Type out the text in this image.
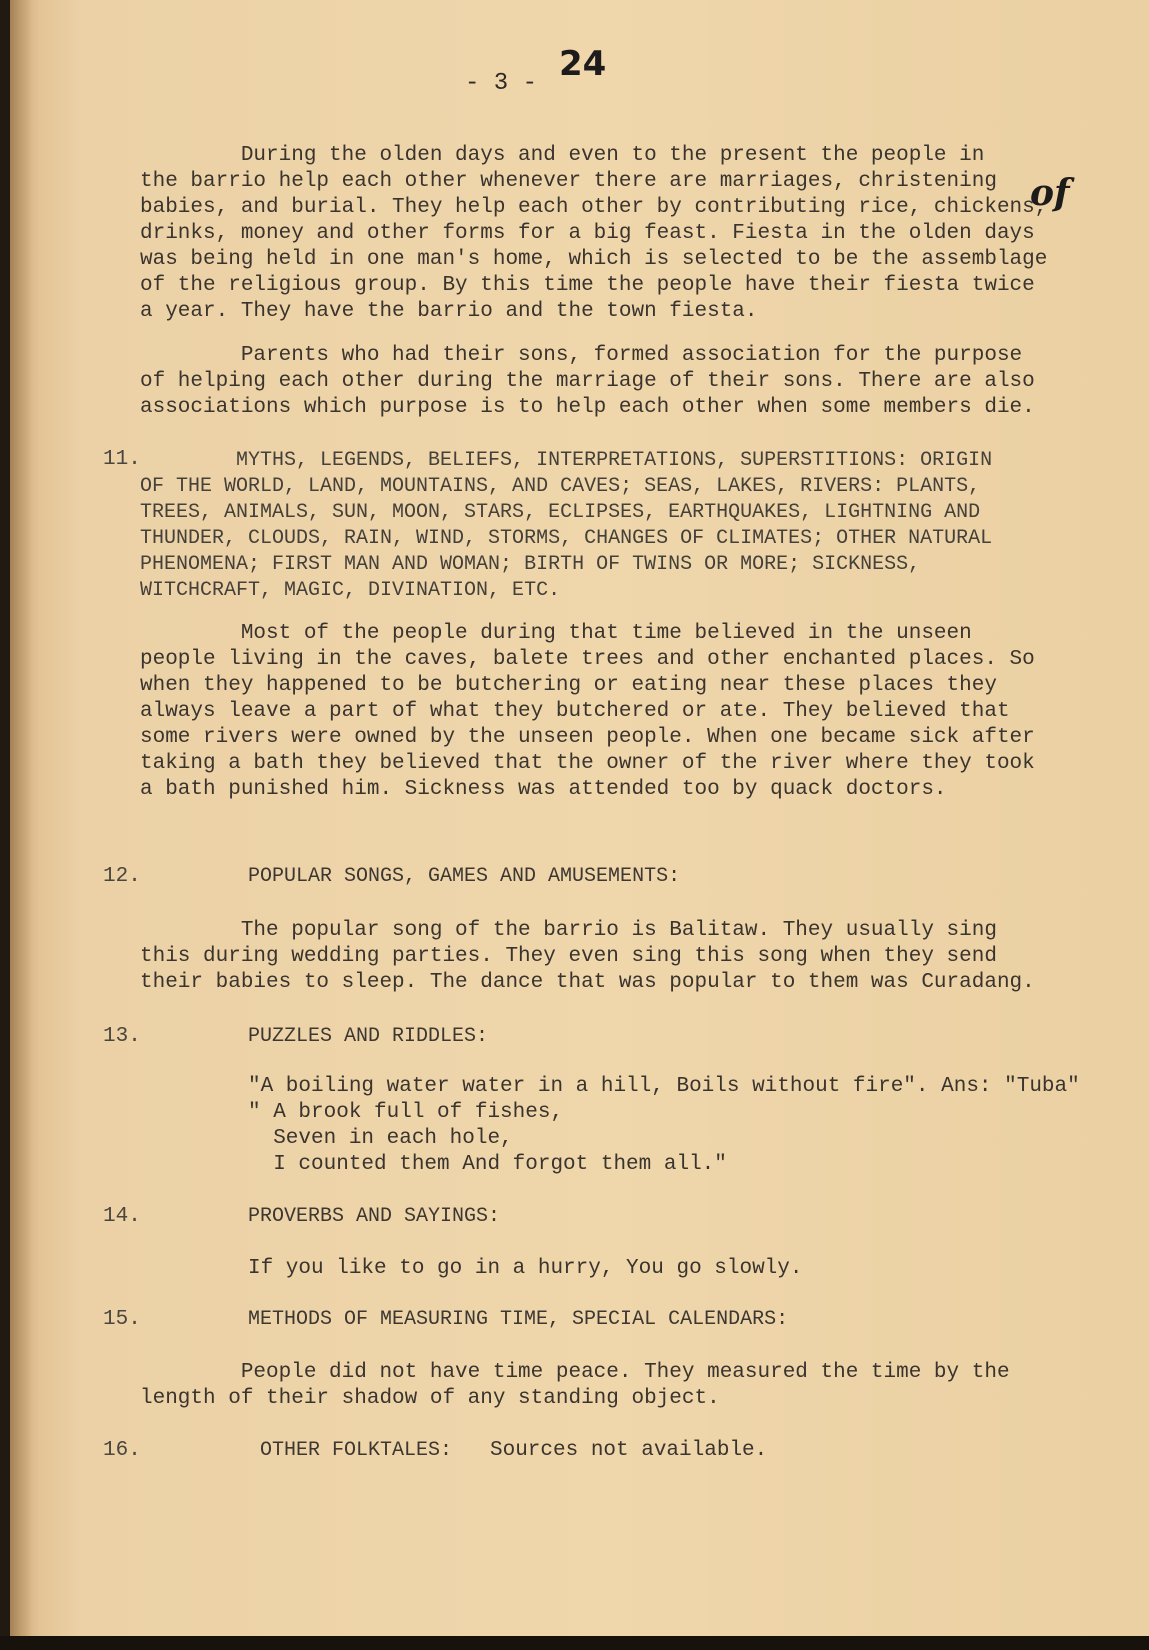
24
- 3 -
of

During the olden days and even to the present the people in
the barrio help each other whenever there are marriages, christening
babies, and burial. They help each other by contributing rice, chickens,
drinks, money and other forms for a big feast. Fiesta in the olden days
was being held in one man's home, which is selected to be the assemblage
of the religious group. By this time the people have their fiesta twice
a year. They have the barrio and the town fiesta.

Parents who had their sons, formed association for the purpose
of helping each other during the marriage of their sons. There are also
associations which purpose is to help each other when some members die.

11.	MYTHS, LEGENDS, BELIEFS, INTERPRETATIONS, SUPERSTITIONS: ORIGIN
OF THE WORLD, LAND, MOUNTAINS, AND CAVES; SEAS, LAKES, RIVERS: PLANTS,
TREES, ANIMALS, SUN, MOON, STARS, ECLIPSES, EARTHQUAKES, LIGHTNING AND
THUNDER, CLOUDS, RAIN, WIND, STORMS, CHANGES OF CLIMATES; OTHER NATURAL
PHENOMENA; FIRST MAN AND WOMAN; BIRTH OF TWINS OR MORE; SICKNESS,
WITCHCRAFT, MAGIC, DIVINATION, ETC.

Most of the people during that time believed in the unseen
people living in the caves, balete trees and other enchanted places. So
when they happened to be butchering or eating near these places they
always leave a part of what they butchered or ate. They believed that
some rivers were owned by the unseen people. When one became sick after
taking a bath they believed that the owner of the river where they took
a bath punished him. Sickness was attended too by quack doctors.

12.	POPULAR SONGS, GAMES AND AMUSEMENTS:

The popular song of the barrio is Balitaw. They usually sing
this during wedding parties. They even sing this song when they send
their babies to sleep. The dance that was popular to them was Curadang.

13.	PUZZLES AND RIDDLES:
"A boiling water water in a hill, Boils without fire". Ans: "Tuba"
" A brook full of fishes,
Seven in each hole,
I counted them And forgot them all."
14.	PROVERBS AND SAYINGS:
If you like to go in a hurry, You go slowly.
15.	METHODS OF MEASURING TIME, SPECIAL CALENDARS:

People did not have time peace. They measured the time by the
length of their shadow of any standing object.

16.	OTHER FOLKTALES: Sources not available.
